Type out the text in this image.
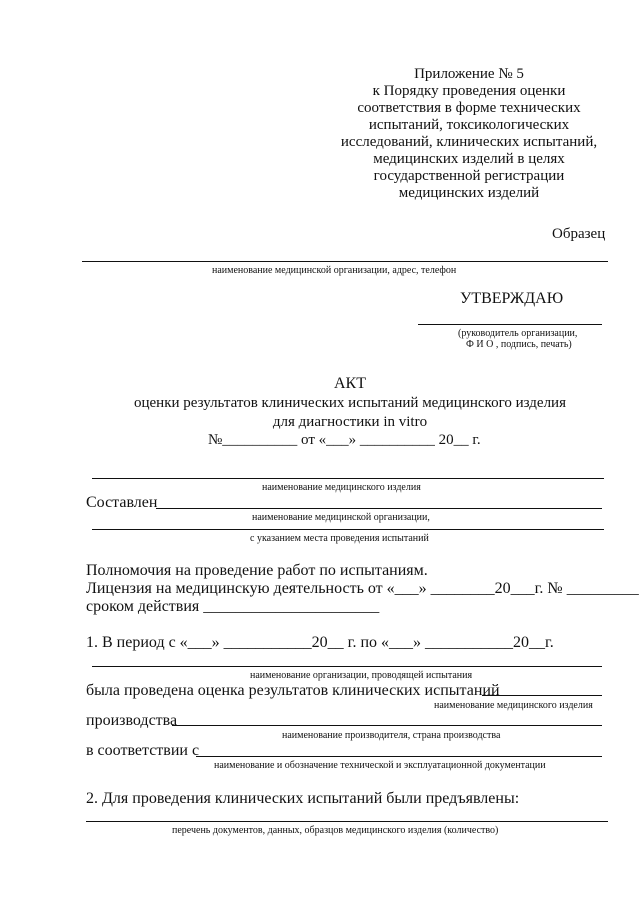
Приложение № 5
к Порядку проведения оценки
соответствия в форме технических
испытаний, токсикологических
исследований, клинических испытаний,
медицинских изделий в целях
государственной регистрации
медицинских изделий
Образец
наименование медицинской организации, адрес, телефон
УТВЕРЖДАЮ
(руководитель организации,
Ф И О , подпись, печать)
АКТ
оценки результатов клинических испытаний медицинского изделия
для диагностики in vitro
№__________ от «___» __________ 20__ г.
наименование медицинского изделия
Составлен
наименование медицинской организации,
с указанием места проведения испытаний
Полномочия на проведение работ по испытаниям.
Лицензия на медицинскую деятельность от «___» ________20___г. № _________
сроком действия ______________________
1. В период с «___» ___________20__ г. по «___» ___________20__г.
наименование организации, проводящей испытания
была проведена оценка результатов клинических испытаний
наименование медицинского изделия
производства
наименование производителя, страна производства
в соответствии с
наименование и обозначение технической и эксплуатационной документации
2. Для проведения клинических испытаний были предъявлены:
перечень документов, данных, образцов медицинского изделия (количество)
